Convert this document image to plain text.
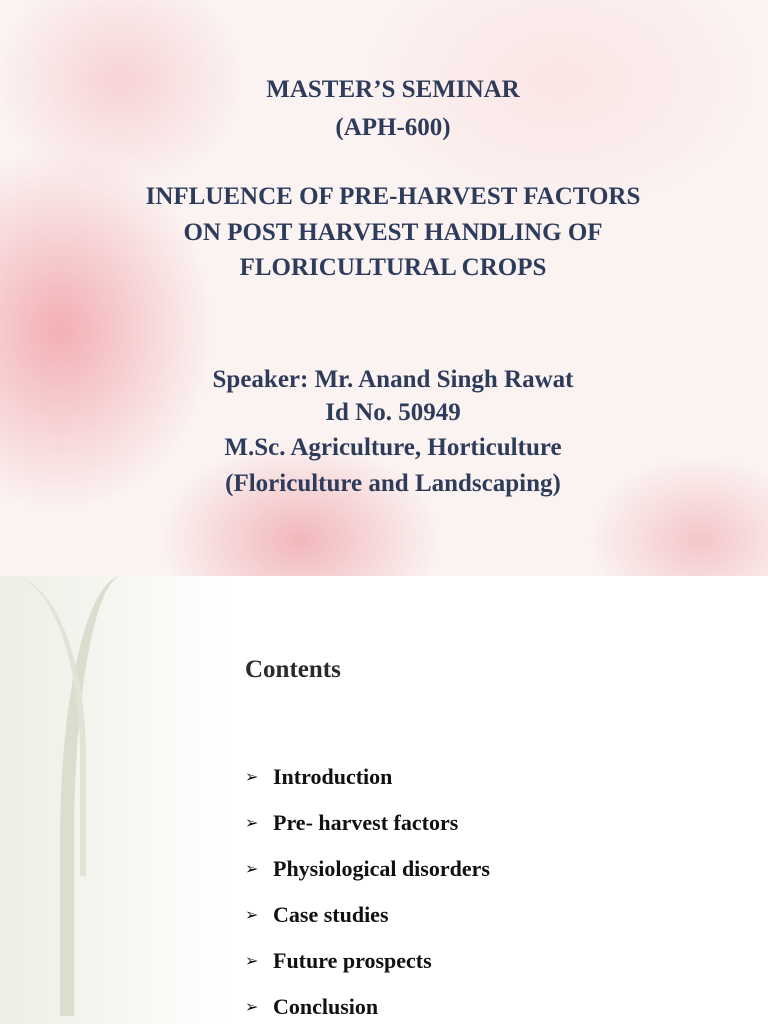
MASTER’S SEMINAR
(APH-600)
INFLUENCE OF PRE-HARVEST FACTORS
ON POST HARVEST HANDLING OF
FLORICULTURAL CROPS
Speaker: Mr. Anand Singh Rawat
Id No. 50949
M.Sc. Agriculture, Horticulture
(Floriculture and Landscaping)
Contents
➢ Introduction
➢ Pre- harvest factors
➢ Physiological disorders
➢ Case studies
➢ Future prospects
➢ Conclusion
